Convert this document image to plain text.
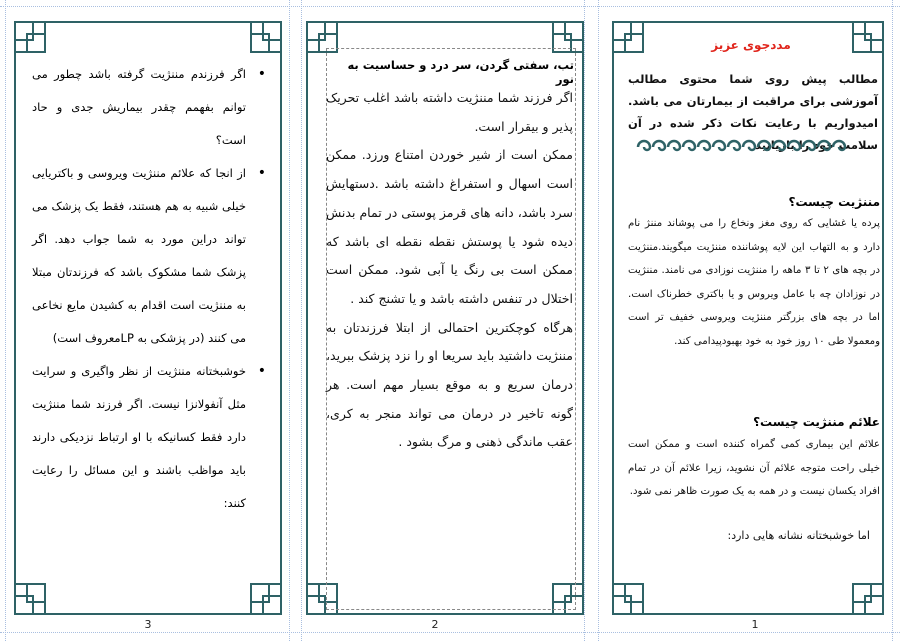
مددجوی عزیز
مطالب پیش روی شما محتوی مطالب آموزشی برای مراقبت از بیمارتان می باشد. امیدواریم با رعایت نکات ذکر شده در آن سلامت خود را بازیابید .
مننژیت چیست؟
پرده یا غشایی که روی مغز ونخاع را می پوشاند مننژ نام دارد و به التهاب این لایه پوشاننده مننژیت میگویند.مننژیت در بچه های ۲ تا ۳ ماهه را مننژیت نوزادی می نامند. مننژیت در نوزادان چه با عامل ویروس و یا باکتری خطرناک است. اما در بچه های بزرگتر مننژیت ویروسی خفیف تر است ومعمولا طی ۱۰ روز خود به خود بهبودپیدامی کند.
علائم مننژیت چیست؟
علائم این بیماری کمی گمراه کننده است و ممکن است خیلی راحت متوجه علائم آن نشوید، زیرا علائم آن در تمام افراد یکسان نیست و در همه به یک صورت ظاهر نمی شود.
اما خوشبختانه نشانه هایی دارد:
تب، سفتی گردن، سر درد و حساسیت به نور

اگر فرزند شما مننژیت داشته باشد اغلب تحریک پذیر و بیقرار است.

ممکن است از شیر خوردن امتناع ورزد. ممکن است اسهال و استفراغ داشته باشد .دستهایش سرد باشد، دانه های قرمز پوستی در تمام بدنش دیده شود یا پوستش نقطه نقطه ای باشد که ممکن است بی رنگ یا آبی شود. ممکن است اختلال در تنفس داشته باشد و یا تشنج کند .

هرگاه کوچکترین احتمالی از ابتلا فرزندتان به مننژیت داشتید باید سریعا او را نزد پزشک ببرید، درمان سریع و به موقع بسیار مهم است. هر گونه تاخیر در درمان می تواند منجر به کری، عقب ماندگی ذهنی و مرگ بشود .

• اگر فرزندم مننژیت گرفته باشد چطور می توانم بفهمم چقدر بیماریش جدی و حاد است؟
• از انجا که علائم مننژیت ویروسی و باکتریایی خیلی شبیه به هم هستند، فقط یک پزشک می تواند دراین مورد به شما جواب دهد. اگر پزشک شما مشکوک باشد که فرزندتان مبتلا به مننژیت است اقدام به کشیدن مایع نخاعی می کنند (در پزشکی به LPمعروف است)
• خوشبختانه مننژیت از نظر واگیری و سرایت مثل آنفولانزا نیست. اگر فرزند شما مننژیت دارد فقط کسانیکه با او ارتباط نزدیکی دارند باید مواظب باشند و این مسائل را رعایت کنند:
1
2
3
